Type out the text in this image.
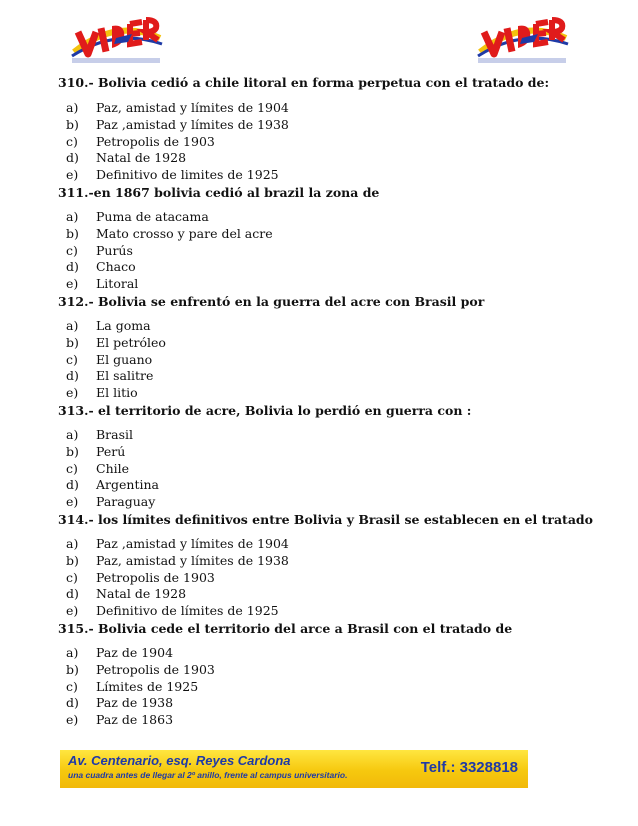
310.- Bolivia cedió a chile litoral en forma perpetua con el tratado de:

a)	Paz, amistad y límites de 1904
b)	Paz ,amistad y límites de 1938
c)	Petropolis de 1903
d)	Natal de 1928
e)	Definitivo de limites de 1925

311.-en 1867 bolivia cedió al brazil la zona de

a)	Puma de atacama
b)	Mato crosso y pare del acre
c)	Purús
d)	Chaco
e)	Litoral

312.- Bolivia se enfrentó en la guerra del acre con Brasil por

a)	La goma
b)	El petróleo
c)	El guano
d)	El salitre
e)	El litio

313.- el territorio de acre, Bolivia lo perdió en guerra con :

a)	Brasil
b)	Perú
c)	Chile
d)	Argentina
e)	Paraguay

314.- los límites definitivos entre Bolivia y Brasil se establecen en el tratado

a)	Paz ,amistad y límites de 1904
b)	Paz, amistad y límites de 1938
c)	Petropolis de 1903
d)	Natal de 1928
e)	Definitivo de límites de 1925

315.- Bolivia cede el territorio del arce a Brasil con el tratado de

a)	Paz de 1904
b)	Petropolis de 1903
c)	Límites de 1925
d)	Paz de 1938
e)	Paz de 1863
Av. Centenario, esq. Reyes Cardona
una cuadra antes de llegar al 2º anillo, frente al campus universitario.	Telf.: 3328818
